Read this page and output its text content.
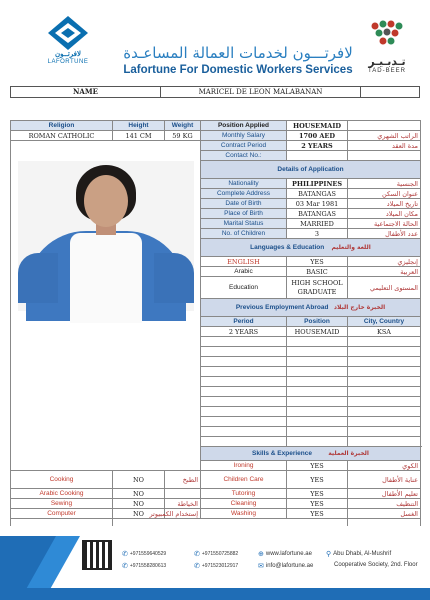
لافرتــون
LAFORTUNE	لافرتـــون لخدمات العمالة المساعـدة
Lafortune For Domestic Workers Services
تـدبـيـر
TAD-BEER
NAME	MARICEL DE LEON MALABANAN
Religion	Height	Weight	Position Applied	HOUSEMAID		
ROMAN CATHOLIC	141 CM	59 KG	Monthly Salary	1700 AED	الراتب الشهري	

			Contract Period	2 YEARS	مدة العقد	
			Contact No.:			
			Details of Application			
			Nationality	PHILIPPINES	الجنسية	
			Complete Address	BATANGAS	عنوان السكن	
			Date of Birth	03 Mar 1981	تاريخ الميلاد	
			Place of Birth	BATANGAS	مكان الميلاد	
			Marital Status	MARRIED	الحالة الاجتماعية	
			No. of Children	3	عدد الأطفال	
			Languages & Education اللغة والتعليم			
			ENGLISH	YES	إنجليزي	
			Arabic	BASIC	العربية	
			Education	HIGH SCHOOL GRADUATE	المستوى التعليمي	
			Previous Employment Abroad الخبرة خارج البلاد			
			Period	Position	City, Country	
			2 YEARS	HOUSEMAID	KSA	

			Skills & Experience الخبرة العملية			
			Ironing	YES	الكوي			
Cooking	NO	الطبخ	Children Care	YES	عناية الأطفال	
Arabic Cooking	NO		Tutoring	YES	تعليم الأطفال	
Sewing	NO	الخياطة	Cleaning	YES	التنظيف	
Computer	NO	إستخدام الكمبيوتر	Washing	YES	الغسل	

✆ +971559640529
✆ +971558280613
✆ +97155072588​2
✆ +97152301291​7
⊕ www.lafortune.ae
✉ info@lafortune.ae
⚲ Abu Dhabi, Al-Mushrif
Cooperative Society, 2nd. Floor
